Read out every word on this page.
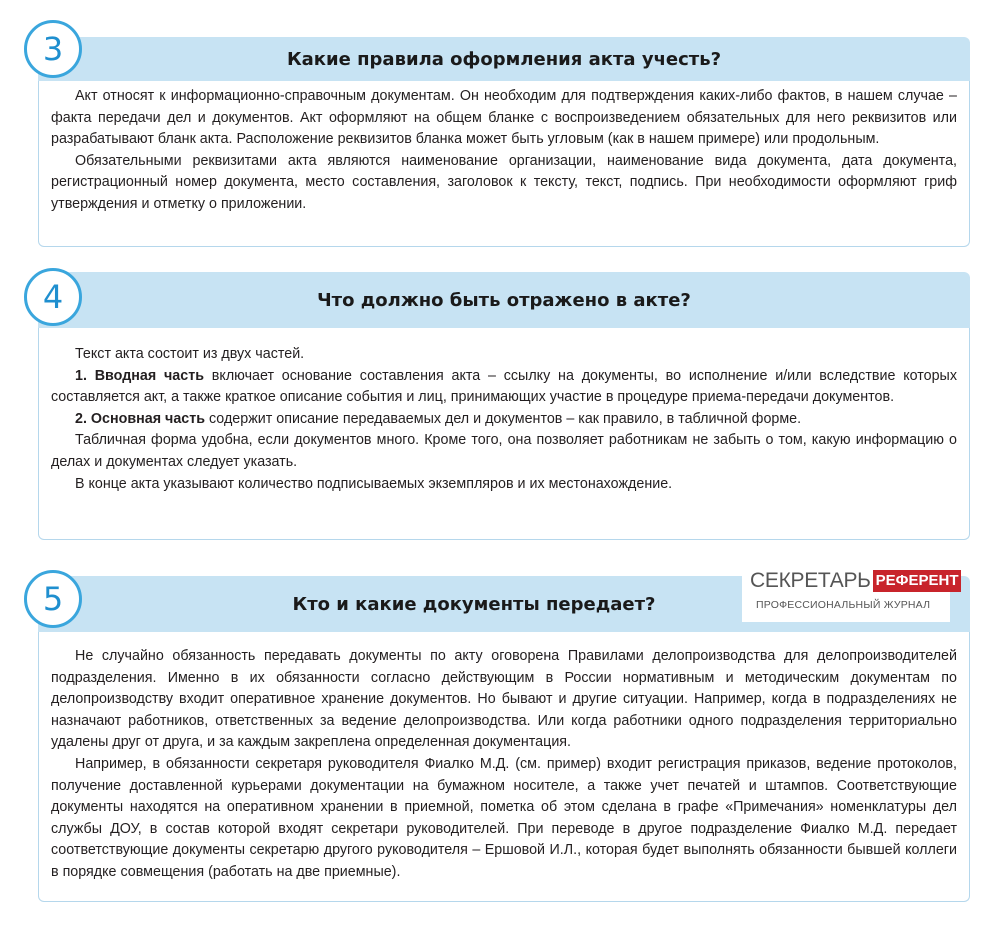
Какие правила оформления акта учесть?

Акт относят к информационно-справочным документам. Он необходим для подтверждения каких-либо фактов, в нашем случае – факта передачи дел и документов. Акт оформляют на общем бланке с воспроизведением обязательных для него реквизитов или разрабатывают бланк акта. Расположение реквизитов бланка может быть угловым (как в нашем примере) или продольным.

Обязательными реквизитами акта являются наименование организации, наименование вида документа, дата документа, регистрационный номер документа, место составления, заголовок к тексту, текст, подпись. При необходимости оформляют гриф утверждения и отметку о приложении.

3
Что должно быть отражено в акте?

Текст акта состоит из двух частей.

1. Вводная часть включает основание составления акта – ссылку на документы, во исполнение и/или вследствие которых составляется акт, а также краткое описание события и лиц, принимающих участие в процедуре приема-передачи документов.

2. Основная часть содержит описание передаваемых дел и документов – как правило, в табличной форме.

Табличная форма удобна, если документов много. Кроме того, она позволяет работникам не забыть о том, какую информацию о делах и документах следует указать.

В конце акта указывают количество подписываемых экземпляров и их местонахождение.

4
Кто и какие документы передает?

Не случайно обязанность передавать документы по акту оговорена Правилами делопроизводства для делопроизводителей подразделения. Именно в их обязанности согласно действующим в России нормативным и методическим документам по делопроизводству входит оперативное хранение документов. Но бывают и другие ситуации. Например, когда в подразделениях не назначают работников, ответственных за ведение делопроизводства. Или когда работники одного подразделения территориально удалены друг от друга, и за каждым закреплена определенная документация.

Например, в обязанности секретаря руководителя Фиалко М.Д. (см. пример) входит регистрация приказов, ведение протоколов, получение доставленной курьерами документации на бумажном носителе, а также учет печатей и штампов. Соответствующие документы находятся на оперативном хранении в приемной, пометка об этом сделана в графе «Примечания» номенклатуры дел службы ДОУ, в состав которой входят секретари руководителей. При переводе в другое подразделение Фиалко М.Д. передает соответствующие документы секретарю другого руководителя – Ершовой И.Л., которая будет выполнять обязанности бывшей коллеги в порядке совмещения (работать на две приемные).

5	СЕКРЕТАРЬ РЕФЕРЕНТ
ПРОФЕССИОНАЛЬНЫЙ ЖУРНАЛ
